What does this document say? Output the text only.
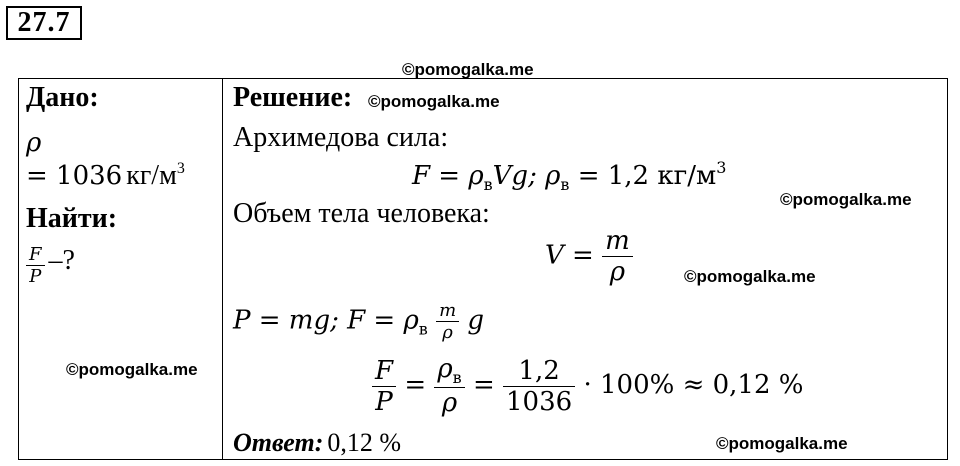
27.7
©pomogalka.me
©pomogalka.me
©pomogalka.me
©pomogalka.me
©pomogalka.me
©pomogalka.me
Дано:
ρ
= 1036 кг/м3
Найти:
$\frac{F}{P}$ –?
Решение:
Архимедова сила:
$F = \rho_вVg$; $\rho_в = 1,2$ $кг/м^3$
Объем тела человека:
$V = \frac{m}{\rho}$
P = mg; $F = \rho_в \frac{m}{\rho}$ g
$\frac{F}{P} = \frac{\rho_в}{\rho} = \frac{1,2}{1036} \cdot 100\% \approx 0,12$ %
Ответ: 0,12 %
